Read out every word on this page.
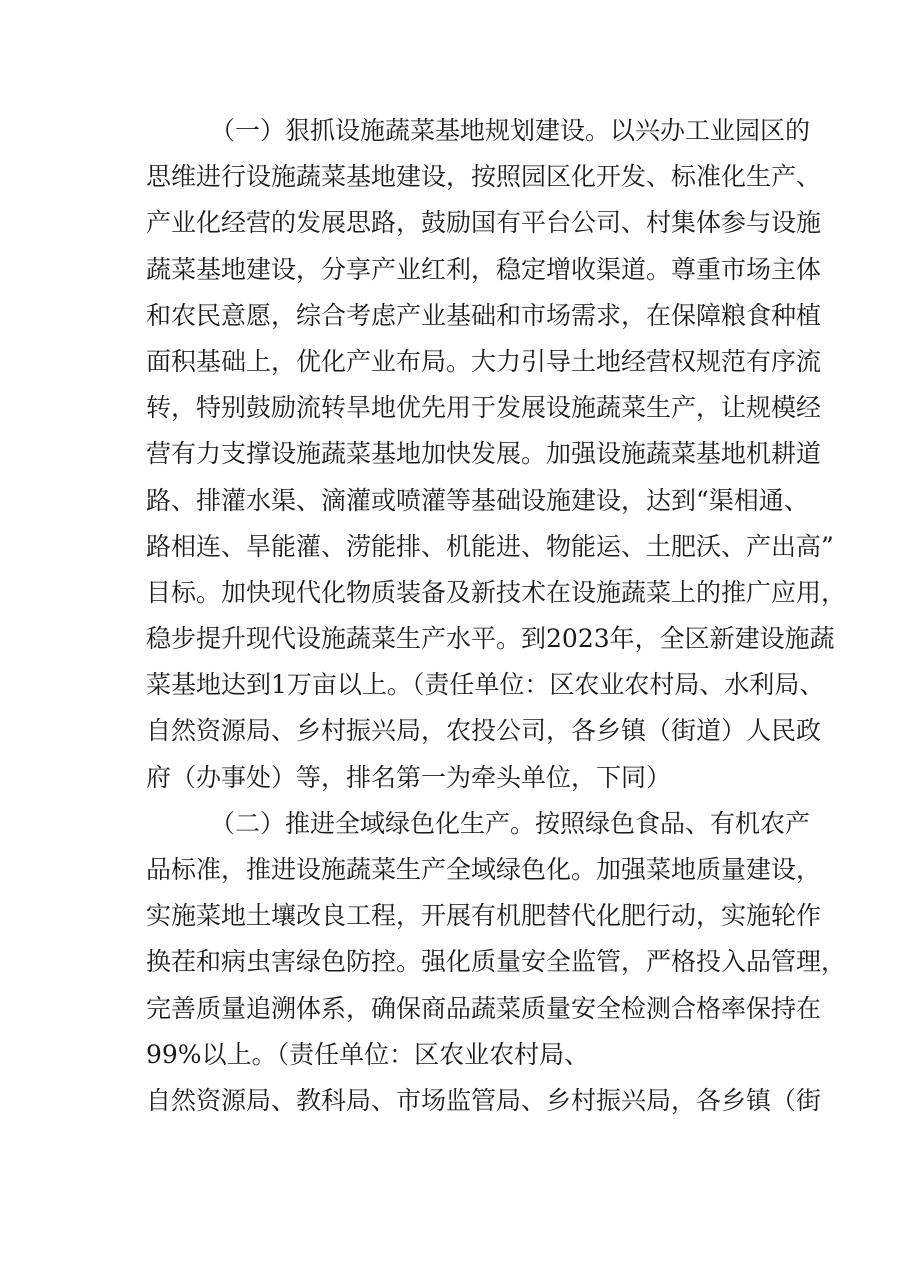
（一）狠抓设施蔬菜基地规划建设。以兴办工业园区的
思维进行设施蔬菜基地建设，按照园区化开发、标准化生产、
产业化经营的发展思路，鼓励国有平台公司、村集体参与设施
蔬菜基地建设，分享产业红利，稳定增收渠道。尊重市场主体
和农民意愿，综合考虑产业基础和市场需求，在保障粮食种植
面积基础上，优化产业布局。大力引导土地经营权规范有序流
转，特别鼓励流转旱地优先用于发展设施蔬菜生产，让规模经
营有力支撑设施蔬菜基地加快发展。加强设施蔬菜基地机耕道
路、排灌水渠、滴灌或喷灌等基础设施建设，达到“渠相通、
路相连、旱能灌、涝能排、机能进、物能运、土肥沃、产出高”
目标。加快现代化物质装备及新技术在设施蔬菜上的推广应用，
稳步提升现代设施蔬菜生产水平。到2023年，全区新建设施蔬
菜基地达到1万亩以上。（责任单位：区农业农村局、水利局、
自然资源局、乡村振兴局，农投公司，各乡镇（街道）人民政
府（办事处）等，排名第一为牵头单位，下同）
（二）推进全域绿色化生产。按照绿色食品、有机农产
品标准，推进设施蔬菜生产全域绿色化。加强菜地质量建设，
实施菜地土壤改良工程，开展有机肥替代化肥行动，实施轮作
换茬和病虫害绿色防控。强化质量安全监管，严格投入品管理，
完善质量追溯体系，确保商品蔬菜质量安全检测合格率保持在
99%以上。（责任单位：区农业农村局、
自然资源局、教科局、市场监管局、乡村振兴局，各乡镇（街
